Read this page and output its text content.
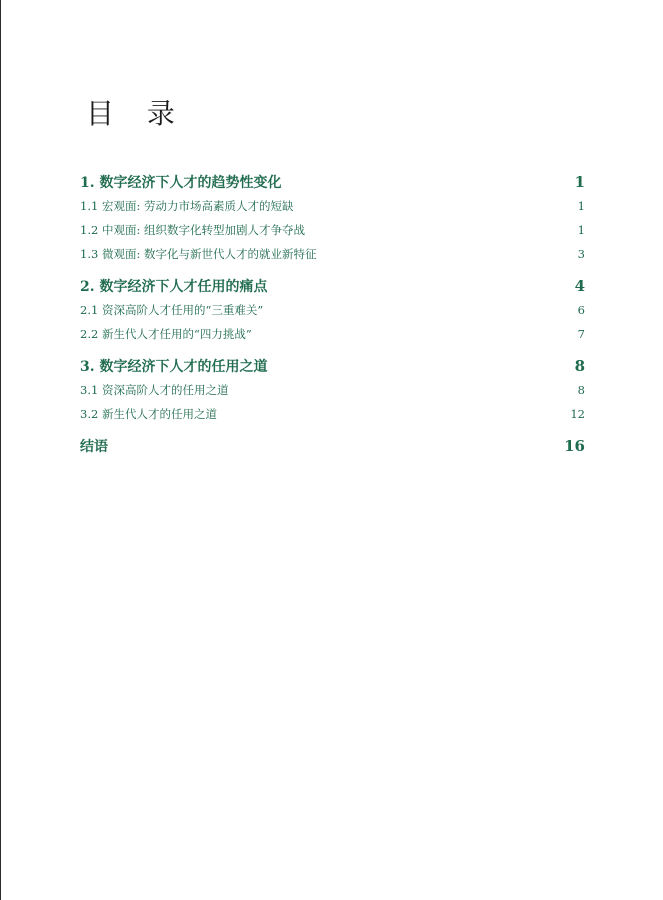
目 录
1. 数字经济下人才的趋势性变化	1
1.1 宏观面: 劳动力市场高素质人才的短缺	1
1.2 中观面: 组织数字化转型加剧人才争夺战	1
1.3 微观面: 数字化与新世代人才的就业新特征	3
2. 数字经济下人才任用的痛点	4
2.1 资深高阶人才任用的“三重难关”	6
2.2 新生代人才任用的“四力挑战”	7
3. 数字经济下人才的任用之道	8
3.1 资深高阶人才的任用之道	8
3.2 新生代人才的任用之道	12
结语	16
